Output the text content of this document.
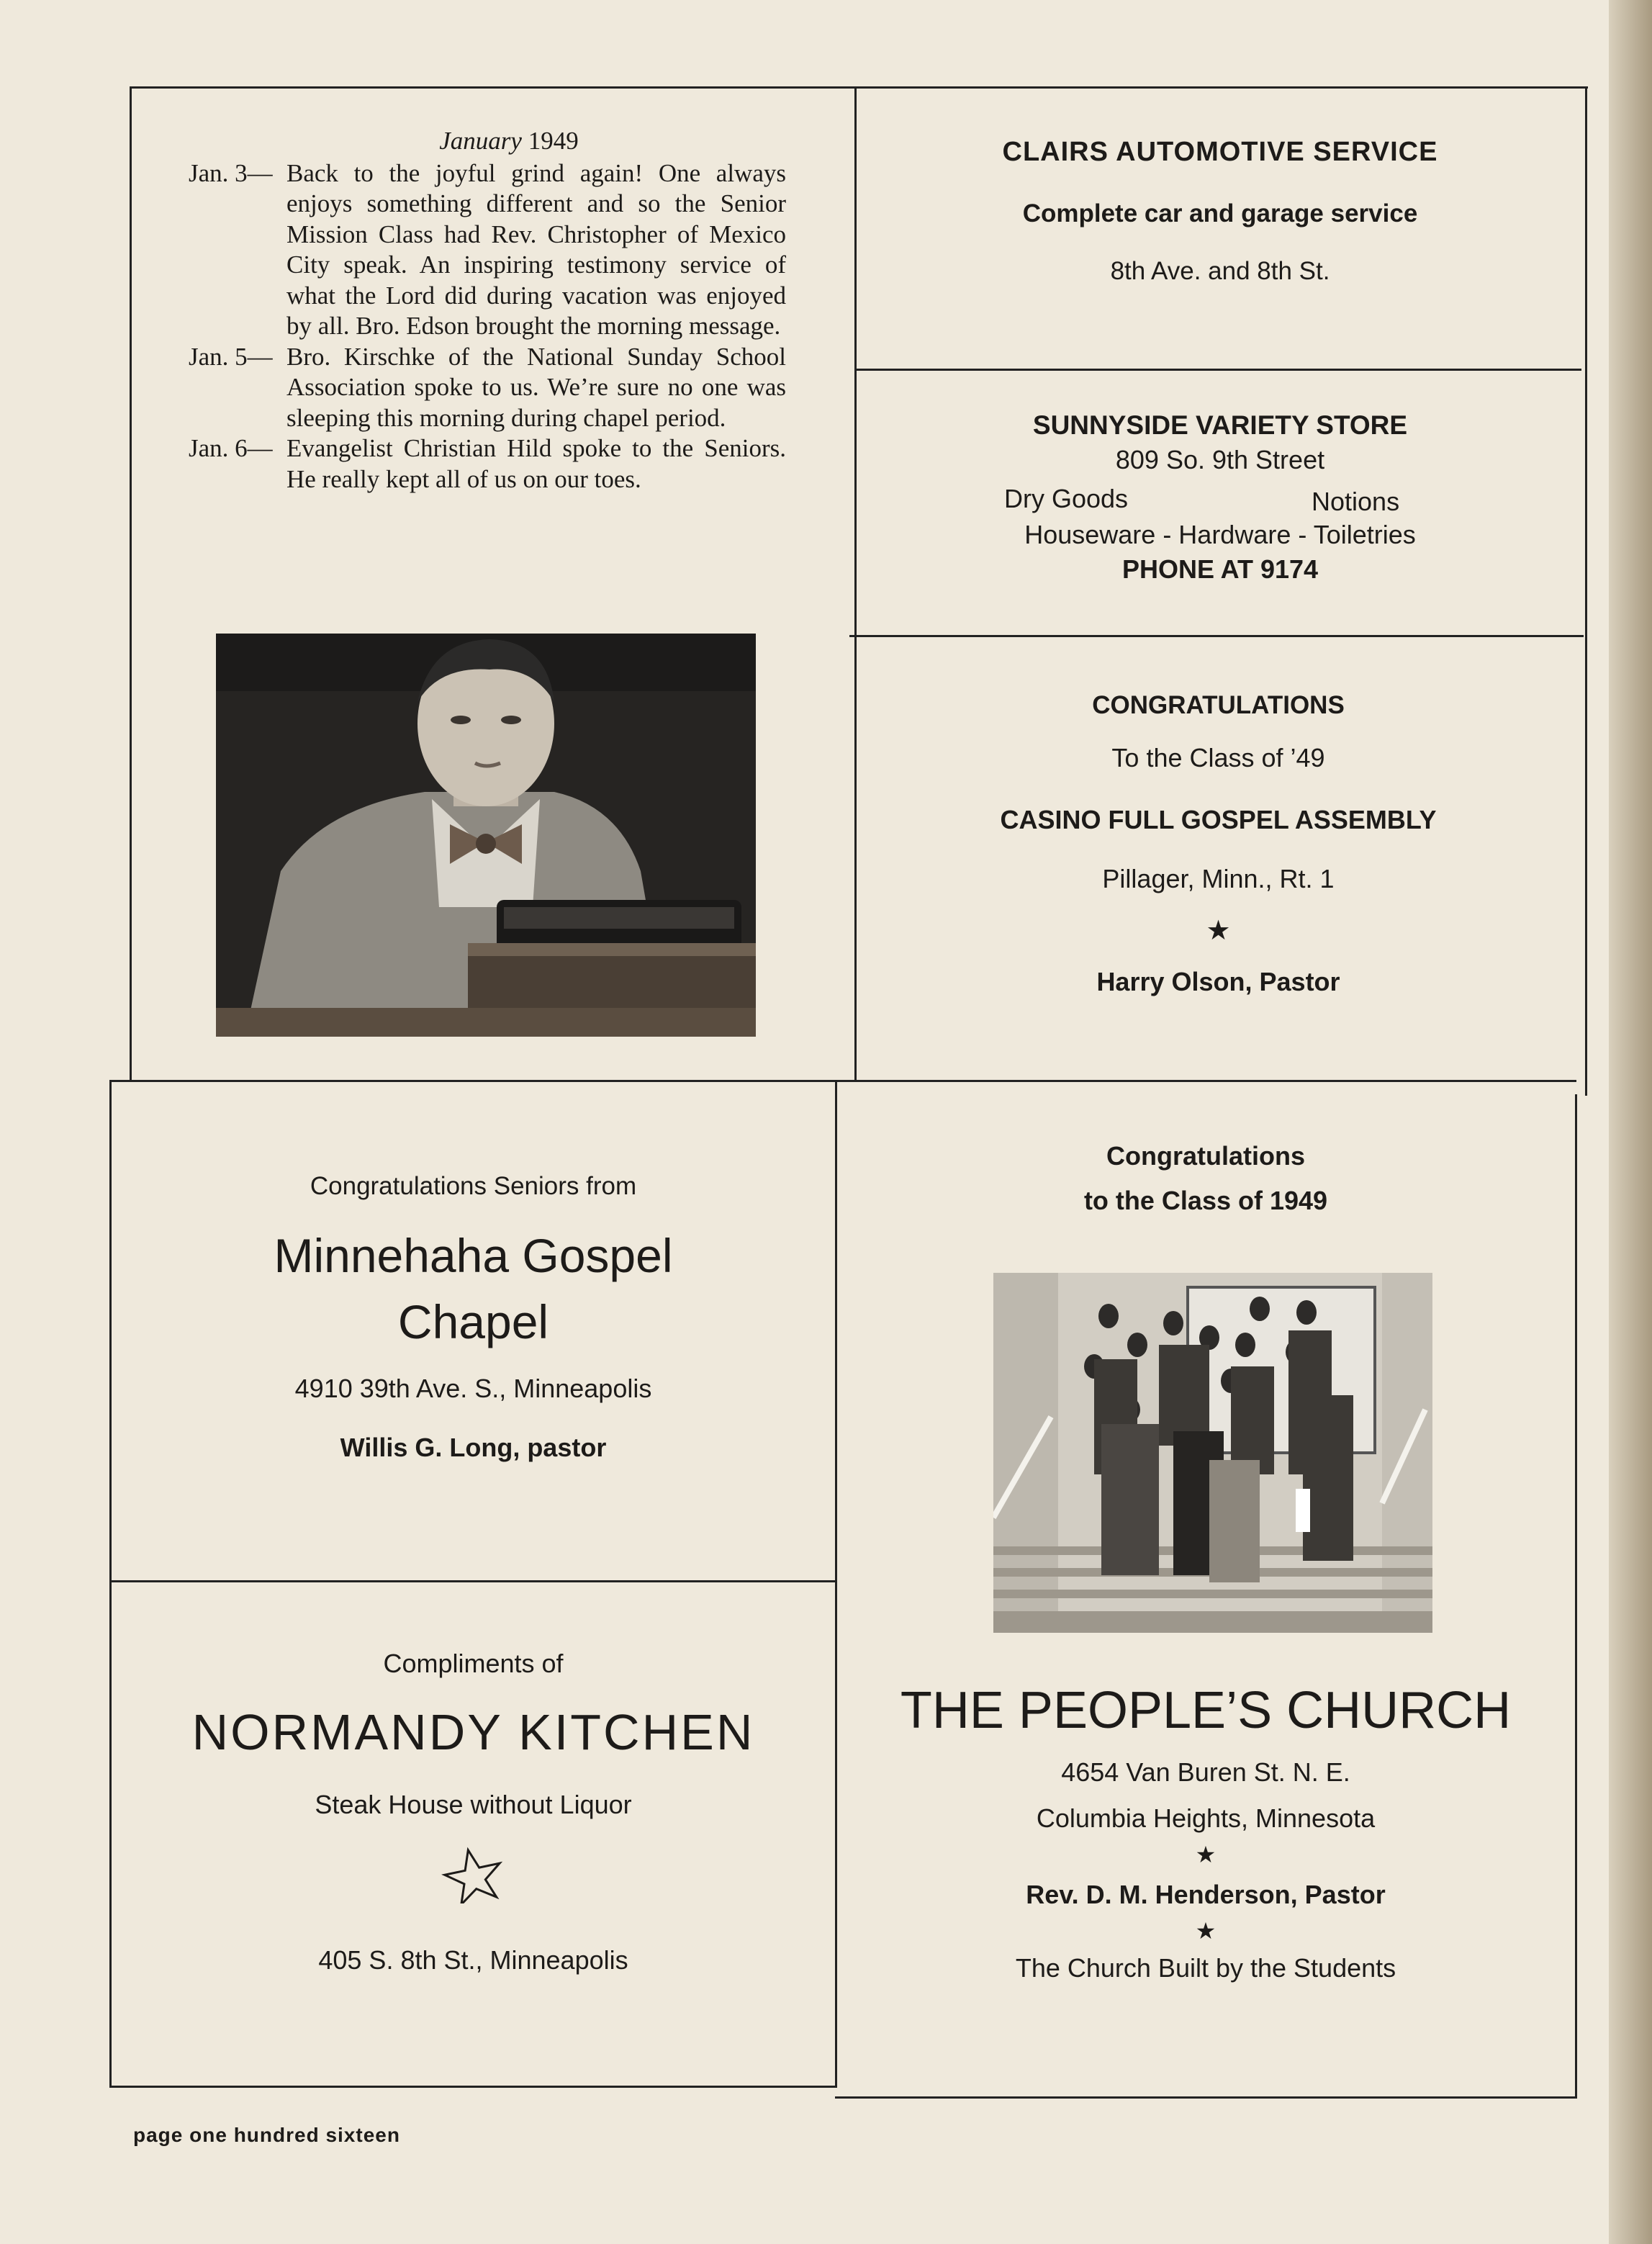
January 1949
Jan. 3— Back to the joyful grind again! One always enjoys something different and so the Senior Mission Class had Rev. Christopher of Mexico City speak. An inspiring testimony service of what the Lord did during vacation was enjoyed by all. Bro. Edson brought the morning message.
Jan. 5— Bro. Kirschke of the National Sunday School Association spoke to us. We’re sure no one was sleeping this morning during chapel period.
Jan. 6— Evangelist Christian Hild spoke to the Seniors. He really kept all of us on our toes.
CLAIRS AUTOMOTIVE SERVICE
Complete car and garage service
8th Ave. and 8th St.
SUNNYSIDE VARIETY STORE
809 So. 9th Street
Dry Goods	Notions
Houseware - Hardware - Toiletries
PHONE AT 9174
CONGRATULATIONS
To the Class of ’49
CASINO FULL GOSPEL ASSEMBLY
Pillager, Minn., Rt. 1
★
Harry Olson, Pastor
Congratulations Seniors from
Minnehaha Gospel
Chapel
4910 39th Ave. S., Minneapolis
Willis G. Long, pastor
Compliments of
NORMANDY KITCHEN
Steak House without Liquor
405 S. 8th St., Minneapolis
Congratulations
to the Class of 1949
THE PEOPLE’S CHURCH
4654 Van Buren St. N. E.
Columbia Heights, Minnesota
★
Rev. D. M. Henderson, Pastor
★
The Church Built by the Students
page one hundred sixteen
